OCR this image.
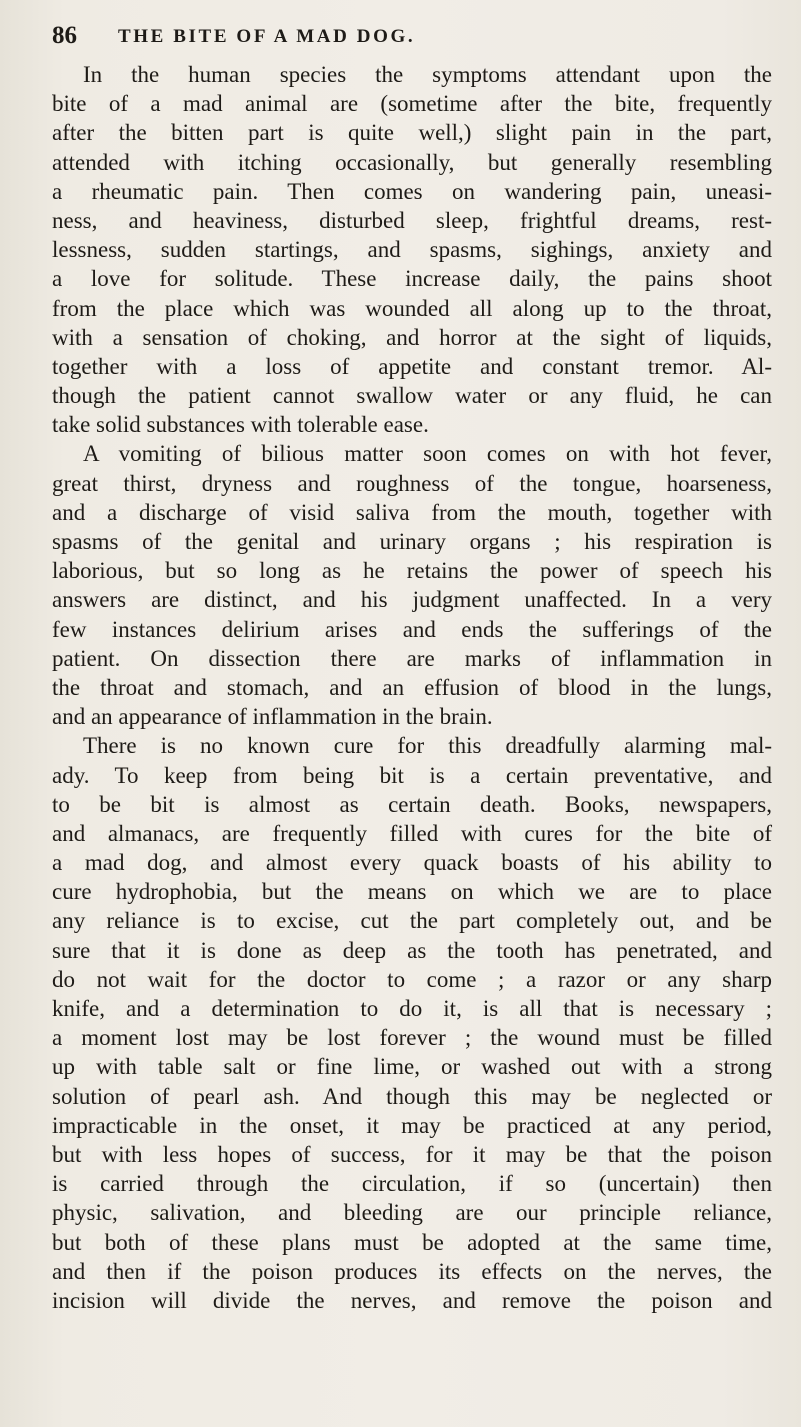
86 THE BITE OF A MAD DOG.
In the human species the symptoms attendant upon the
bite of a mad animal are (sometime after the bite, frequently
after the bitten part is quite well,) slight pain in the part,
attended with itching occasionally, but generally resembling
a rheumatic pain. Then comes on wandering pain, uneasi-
ness, and heaviness, disturbed sleep, frightful dreams, rest-
lessness, sudden startings, and spasms, sighings, anxiety and
a love for solitude. These increase daily, the pains shoot
from the place which was wounded all along up to the throat,
with a sensation of choking, and horror at the sight of liquids,
together with a loss of appetite and constant tremor. Al-
though the patient cannot swallow water or any fluid, he can
take solid substances with tolerable ease.
A vomiting of bilious matter soon comes on with hot fever,
great thirst, dryness and roughness of the tongue, hoarseness,
and a discharge of visid saliva from the mouth, together with
spasms of the genital and urinary organs ; his respiration is
laborious, but so long as he retains the power of speech his
answers are distinct, and his judgment unaffected. In a very
few instances delirium arises and ends the sufferings of the
patient. On dissection there are marks of inflammation in
the throat and stomach, and an effusion of blood in the lungs,
and an appearance of inflammation in the brain.
There is no known cure for this dreadfully alarming mal-
ady. To keep from being bit is a certain preventative, and
to be bit is almost as certain death. Books, newspapers,
and almanacs, are frequently filled with cures for the bite of
a mad dog, and almost every quack boasts of his ability to
cure hydrophobia, but the means on which we are to place
any reliance is to excise, cut the part completely out, and be
sure that it is done as deep as the tooth has penetrated, and
do not wait for the doctor to come ; a razor or any sharp
knife, and a determination to do it, is all that is necessary ;
a moment lost may be lost forever ; the wound must be filled
up with table salt or fine lime, or washed out with a strong
solution of pearl ash. And though this may be neglected or
impracticable in the onset, it may be practiced at any period,
but with less hopes of success, for it may be that the poison
is carried through the circulation, if so (uncertain) then
physic, salivation, and bleeding are our principle reliance,
but both of these plans must be adopted at the same time,
and then if the poison produces its effects on the nerves, the
incision will divide the nerves, and remove the poison and
